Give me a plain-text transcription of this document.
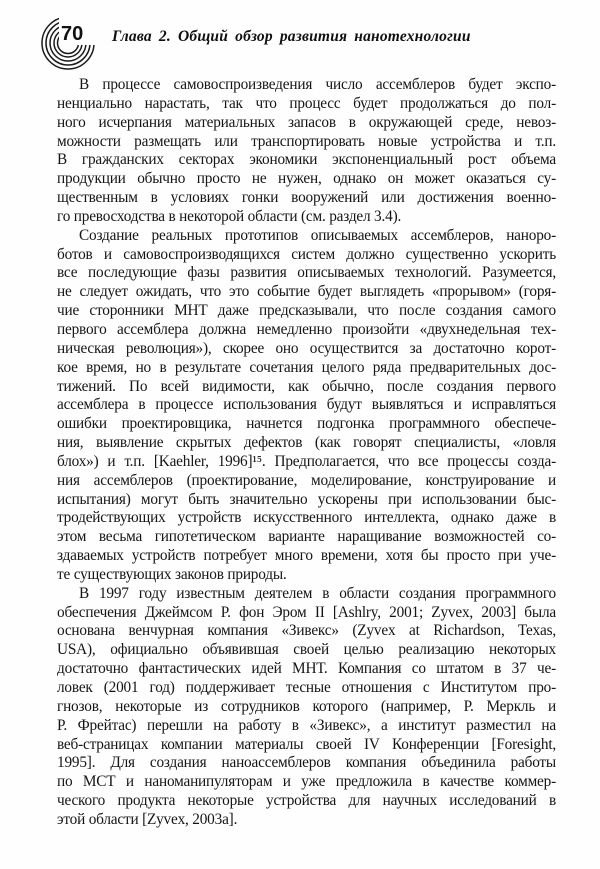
70 Глава 2. Общий обзор развития нанотехнологии
В процессе самовоспроизведения число ассемблеров будет экспо-
ненциально нарастать, так что процесс будет продолжаться до пол-
ного исчерпания материальных запасов в окружающей среде, невоз-
можности размещать или транспортировать новые устройства и т.п.
В гражданских секторах экономики экспоненциальный рост объема
продукции обычно просто не нужен, однако он может оказаться су-
щественным в условиях гонки вооружений или достижения военно-
го превосходства в некоторой области (см. раздел 3.4).
Создание реальных прототипов описываемых ассемблеров, наноро-
ботов и самовоспроизводящихся систем должно существенно ускорить
все последующие фазы развития описываемых технологий. Разумеется,
не следует ожидать, что это событие будет выглядеть «прорывом» (горя-
чие сторонники МНТ даже предсказывали, что после создания самого
первого ассемблера должна немедленно произойти «двухнедельная тех-
ническая революция»), скорее оно осуществится за достаточно корот-
кое время, но в результате сочетания целого ряда предварительных дос-
тижений. По всей видимости, как обычно, после создания первого
ассемблера в процессе использования будут выявляться и исправляться
ошибки проектировщика, начнется подгонка программного обеспече-
ния, выявление скрытых дефектов (как говорят специалисты, «ловля
блох») и т.п. [Kaehler, 1996]¹⁵. Предполагается, что все процессы созда-
ния ассемблеров (проектирование, моделирование, конструирование и
испытания) могут быть значительно ускорены при использовании быс-
тродействующих устройств искусственного интеллекта, однако даже в
этом весьма гипотетическом варианте наращивание возможностей со-
здаваемых устройств потребует много времени, хотя бы просто при уче-
те существующих законов природы.
В 1997 году известным деятелем в области создания программного
обеспечения Джеймсом Р. фон Эром II [Ashlry, 2001; Zyvex, 2003] была
основана венчурная компания «Зивекс» (Zyvex at Richardson, Texas,
USA), официально объявившая своей целью реализацию некоторых
достаточно фантастических идей МНТ. Компания со штатом в 37 че-
ловек (2001 год) поддерживает тесные отношения с Институтом про-
гнозов, некоторые из сотрудников которого (например, Р. Меркль и
Р. Фрейтас) перешли на работу в «Зивекс», а институт разместил на
веб-страницах компании материалы своей IV Конференции [Foresight,
1995]. Для создания наноассемблеров компания объединила работы
по МСТ и наноманипуляторам и уже предложила в качестве коммер-
ческого продукта некоторые устройства для научных исследований в
этой области [Zyvex, 2003a].
